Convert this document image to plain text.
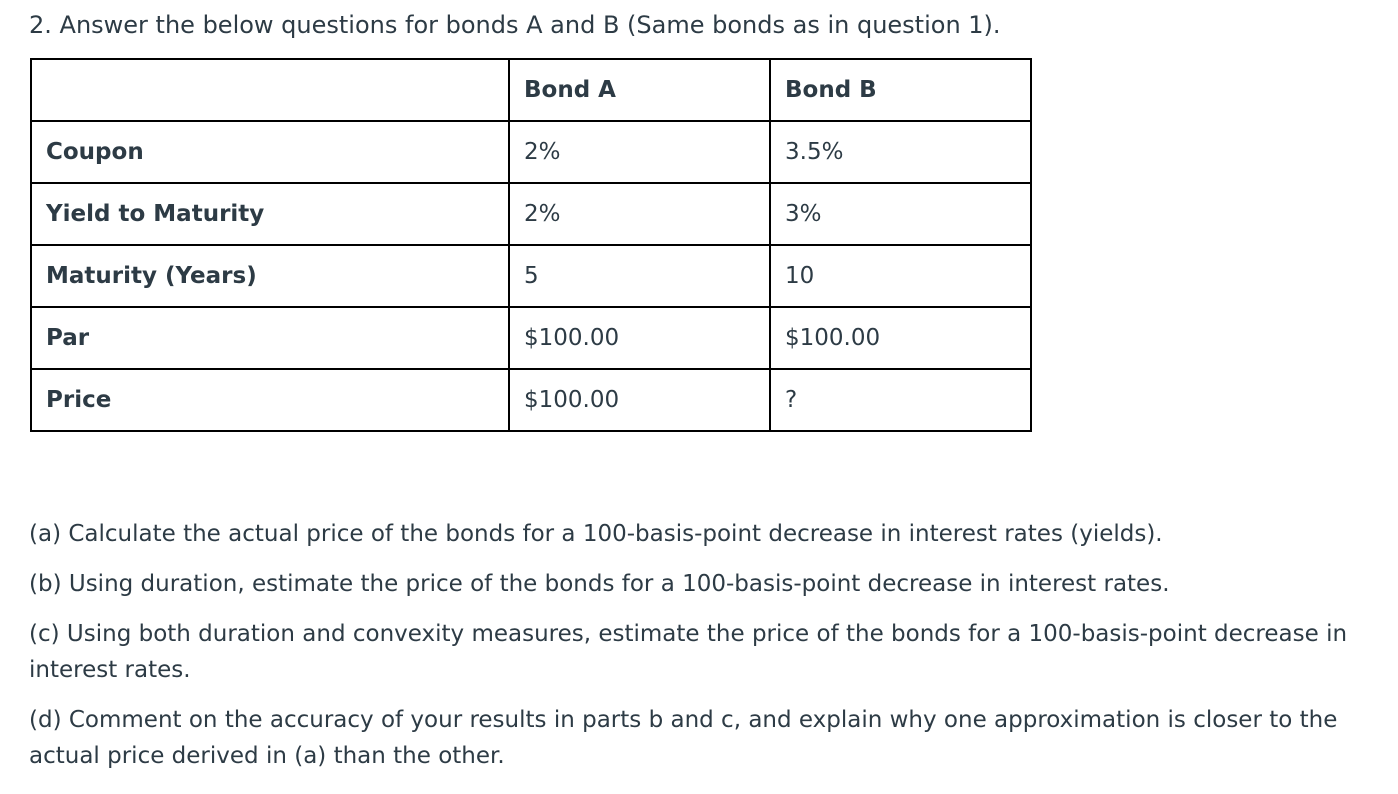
2. Answer the below questions for bonds A and B (Same bonds as in question 1).

	Bond A	Bond B
Coupon	2%	3.5%
Yield to Maturity	2%	3%
Maturity (Years)	5	10
Par	$100.00	$100.00
Price	$100.00	?
(a) Calculate the actual price of the bonds for a 100-basis-point decrease in interest rates (yields).
(b) Using duration, estimate the price of the bonds for a 100-basis-point decrease in interest rates.
(c) Using both duration and convexity measures, estimate the price of the bonds for a 100-basis-point decrease in interest rates.
(d) Comment on the accuracy of your results in parts b and c, and explain why one approximation is closer to the actual price derived in (a) than the other.
